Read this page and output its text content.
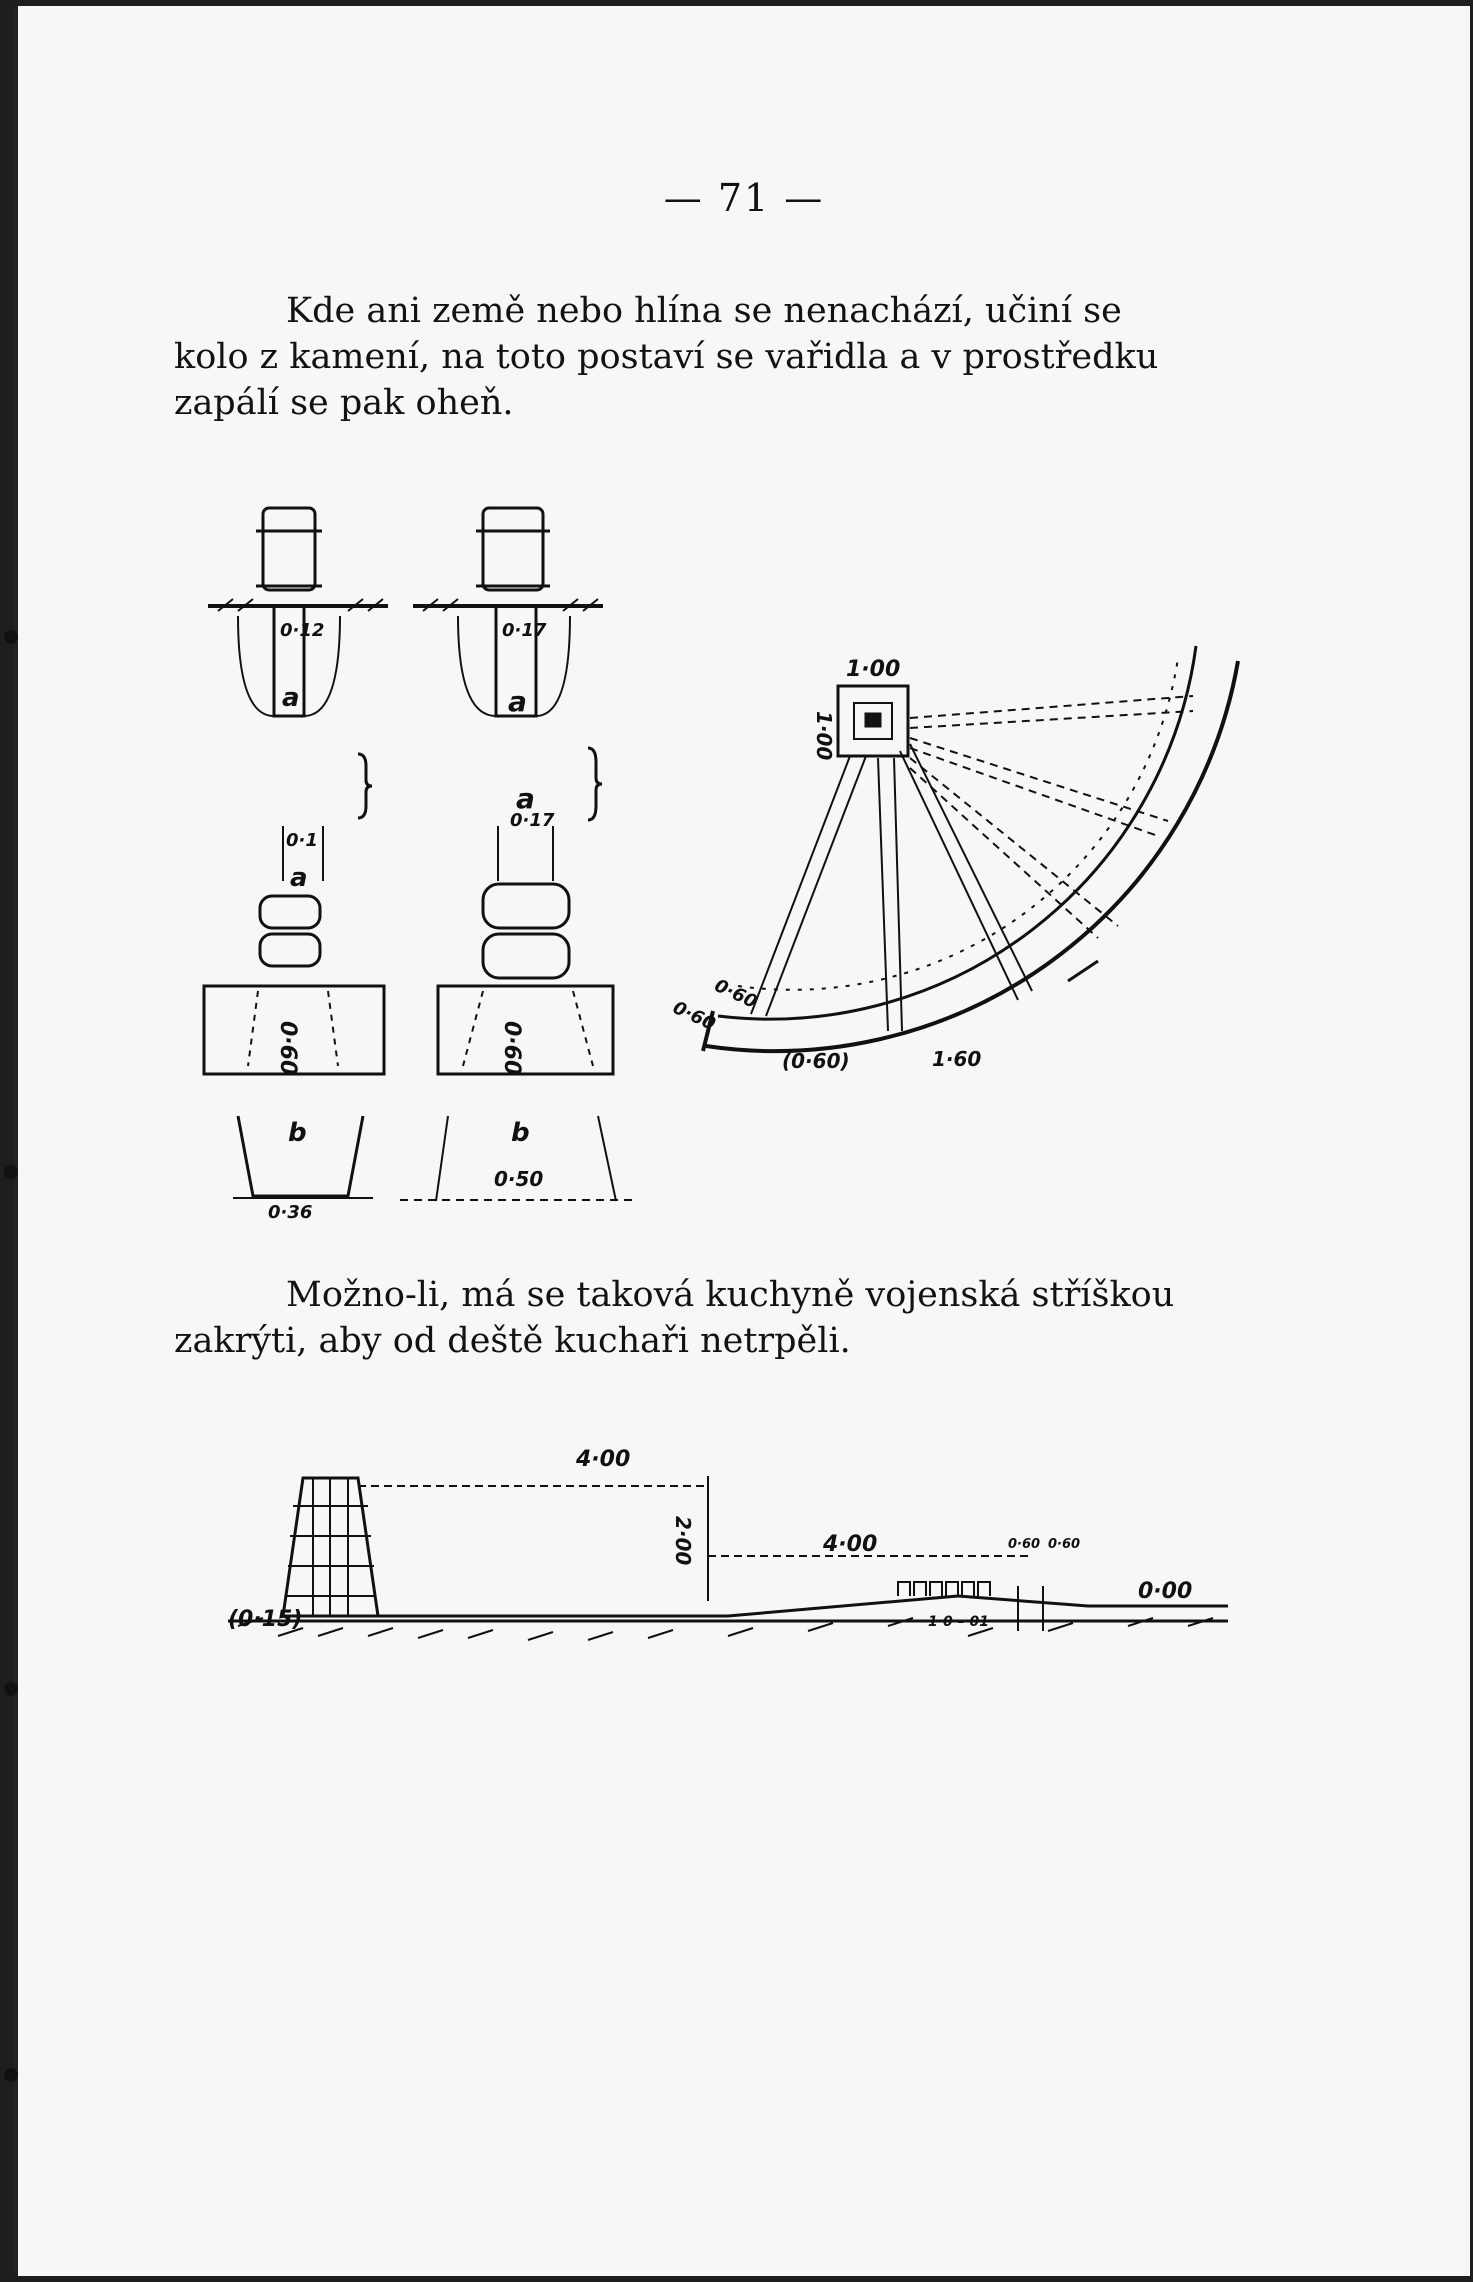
— 71 —

Kde ani země nebo hlína se nenachází, učiní se
kolo z kamení, na toto postaví se vařidla a v prostředku
zapálí se pak oheň.

0·12
a
0·1
a
0·60
b
0·36
0·17
a
0·17
a
0·60
b
0·50
1·00
1·00
0·60
0·60
(0·60)	1·60

Možno-li, má se taková kuchyně vojenská stříškou
zakrýti, aby od deště kuchaři netrpěli.

4·00
2·00	4·00	0·60 0·60
0·00
(0·15)	1·0 – 01
